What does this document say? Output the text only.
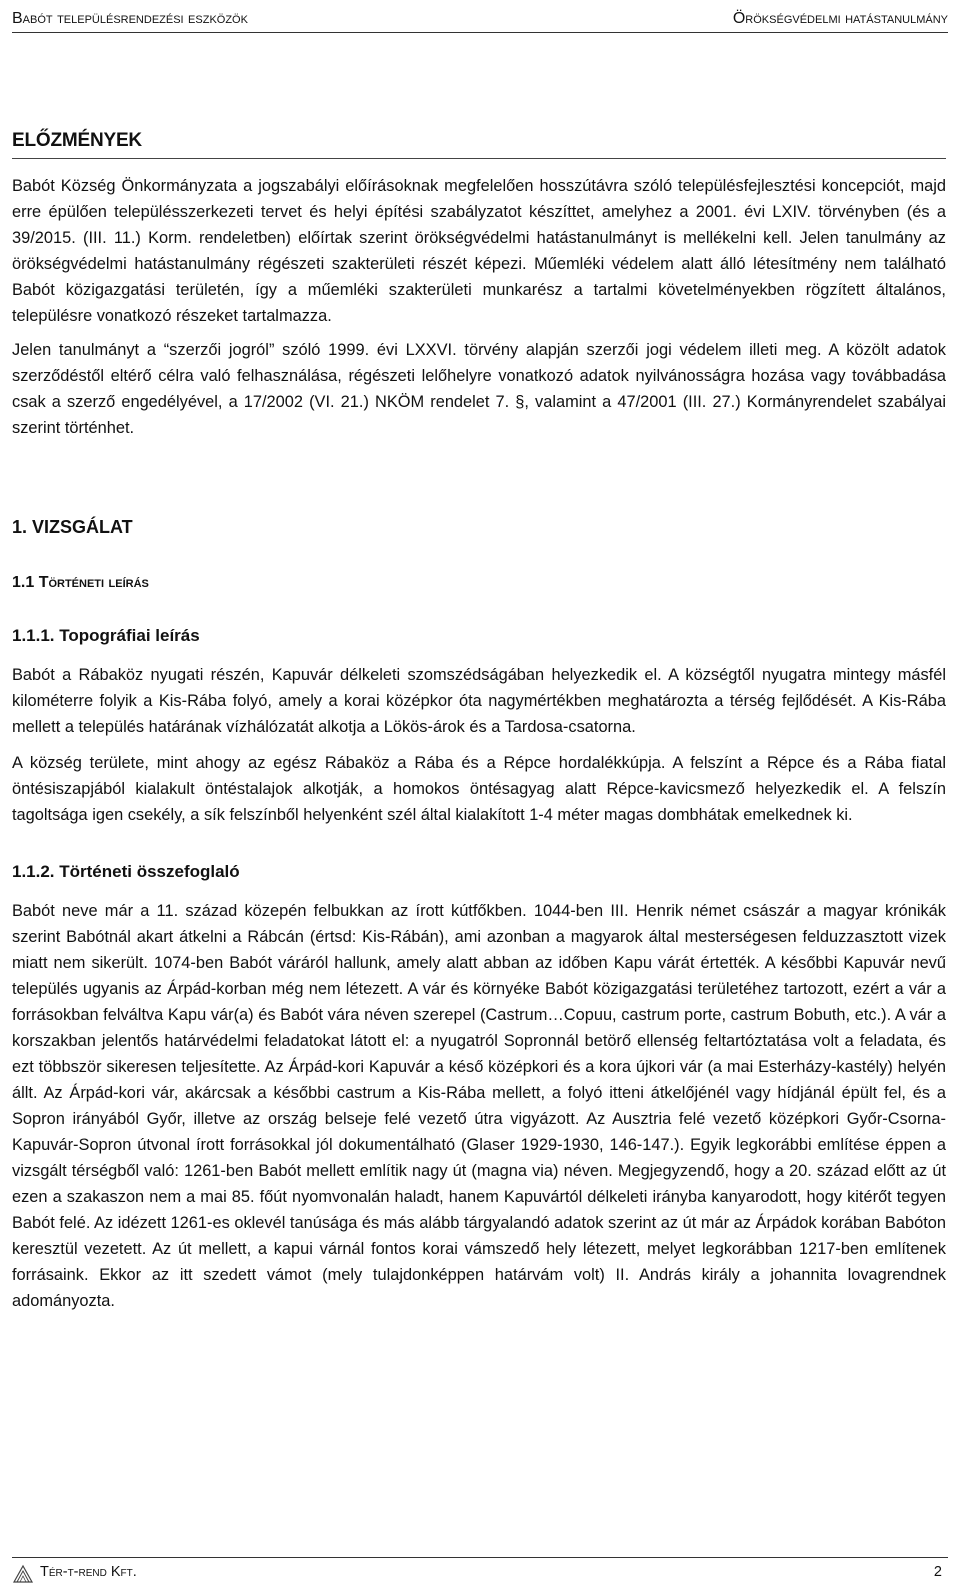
Babót településrendezési eszközök	Örökségvédelmi hatástanulmány
ELŐZMÉNYEK

Babót Község Önkormányzata a jogszabályi előírásoknak megfelelően hosszútávra szóló településfejlesztési koncepciót, majd erre épülően településszerkezeti tervet és helyi építési szabályzatot készíttet, amelyhez a 2001. évi LXIV. törvényben (és a 39/2015. (III. 11.) Korm. rendeletben) előírtak szerint örökségvédelmi hatástanulmányt is mellékelni kell. Jelen tanulmány az örökségvédelmi hatástanulmány régészeti szakterületi részét képezi. Műemléki védelem alatt álló létesítmény nem található Babót közigazgatási területén, így a műemléki szakterületi munkarész a tartalmi követelményekben rögzített általános, településre vonatkozó részeket tartalmazza.

Jelen tanulmányt a “szerzői jogról” szóló 1999. évi LXXVI. törvény alapján szerzői jogi védelem illeti meg. A közölt adatok szerződéstől eltérő célra való felhasználása, régészeti lelőhelyre vonatkozó adatok nyilvánosságra hozása vagy továbbadása csak a szerző engedélyével, a 17/2002 (VI. 21.) NKÖM rendelet 7. §, valamint a 47/2001 (III. 27.) Kormányrendelet szabályai szerint történhet.

1. VIZSGÁLAT
1.1 Történeti leírás
1.1.1. Topográfiai leírás

Babót a Rábaköz nyugati részén, Kapuvár délkeleti szomszédságában helyezkedik el. A községtől nyugatra mintegy másfél kilométerre folyik a Kis-Rába folyó, amely a korai középkor óta nagymértékben meghatározta a térség fejlődését. A Kis-Rába mellett a település határának vízhálózatát alkotja a Lökös-árok és a Tardosa-csatorna.

A község területe, mint ahogy az egész Rábaköz a Rába és a Répce hordalékkúpja. A felszínt a Répce és a Rába fiatal öntésiszapjából kialakult öntéstalajok alkotják, a homokos öntésagyag alatt Répce-kavicsmező helyezkedik el. A felszín tagoltsága igen csekély, a sík felszínből helyenként szél által kialakított 1-4 méter magas dombhátak emelkednek ki.

1.1.2. Történeti összefoglaló

Babót neve már a 11. század közepén felbukkan az írott kútfőkben. 1044-ben III. Henrik német császár a magyar krónikák szerint Babótnál akart átkelni a Rábcán (értsd: Kis-Rábán), ami azonban a magyarok által mesterségesen felduzzasztott vizek miatt nem sikerült. 1074-ben Babót váráról hallunk, amely alatt abban az időben Kapu várát értették. A későbbi Kapuvár nevű település ugyanis az Árpád-korban még nem létezett. A vár és környéke Babót közigazgatási területéhez tartozott, ezért a vár a forrásokban felváltva Kapu vár(a) és Babót vára néven szerepel (Castrum…Copuu, castrum porte, castrum Bobuth, etc.). A vár a korszakban jelentős határvédelmi feladatokat látott el: a nyugatról Sopronnál betörő ellenség feltartóztatása volt a feladata, és ezt többször sikeresen teljesítette. Az Árpád-kori Kapuvár a késő középkori és a kora újkori vár (a mai Esterházy-kastély) helyén állt. Az Árpád-kori vár, akárcsak a későbbi castrum a Kis-Rába mellett, a folyó itteni átkelőjénél vagy hídjánál épült fel, és a Sopron irányából Győr, illetve az ország belseje felé vezető útra vigyázott. Az Ausztria felé vezető középkori Győr-Csorna-Kapuvár-Sopron útvonal írott forrásokkal jól dokumentálható (Glaser 1929-1930, 146-147.). Egyik legkorábbi említése éppen a vizsgált térségből való: 1261-ben Babót mellett említik nagy út (magna via) néven. Megjegyzendő, hogy a 20. század előtt az út ezen a szakaszon nem a mai 85. főút nyomvonalán haladt, hanem Kapuvártól délkeleti irányba kanyarodott, hogy kitérőt tegyen Babót felé. Az idézett 1261-es oklevél tanúsága és más alább tárgyalandó adatok szerint az út már az Árpádok korában Babóton keresztül vezetett. Az út mellett, a kapui várnál fontos korai vámszedő hely létezett, melyet legkorábban 1217-ben említenek forrásaink. Ekkor az itt szedett vámot (mely tulajdonképpen határvám volt) II. András király a johannita lovagrendnek adományozta.

Tér-t-rend Kft.	2
